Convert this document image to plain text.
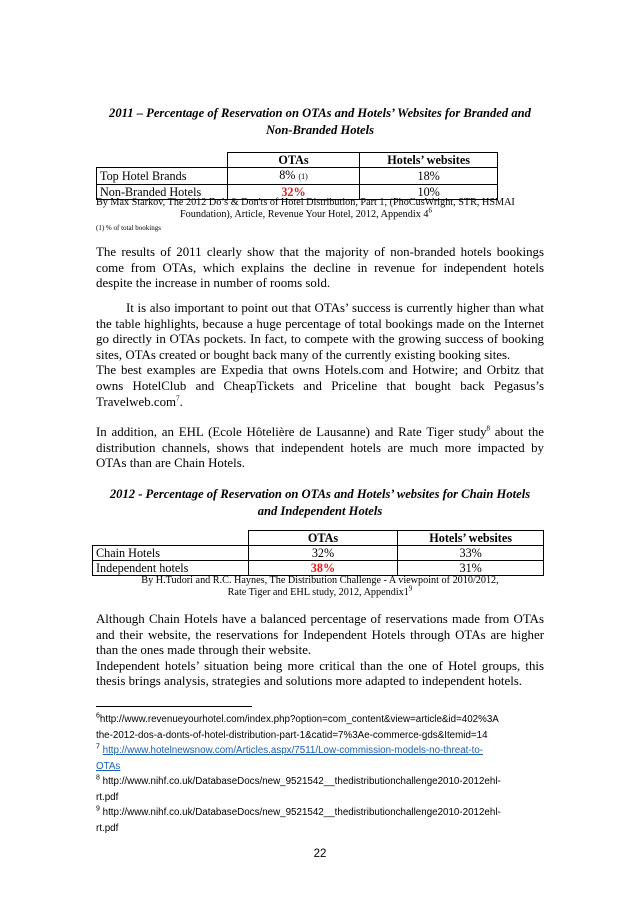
2011 – Percentage of Reservation on OTAs and Hotels’ Websites for Branded and
Non-Branded Hotels
	OTAs	Hotels’ websites
Top Hotel Brands	8% (1)	18%
Non-Branded Hotels	32%	10%
By Max Starkov, The 2012 Do’s & Don'ts of Hotel Distribution, Part 1, (PhoCusWright, STR, HSMAI
Foundation), Article, Revenue Your Hotel, 2012, Appendix $4^6$
(1) % of total bookings

The results of 2011 clearly show that the majority of non-branded hotels bookings
come from OTAs, which explains the decline in revenue for independent hotels
despite the increase in number of rooms sold.

It is also important to point out that OTAs’ success is currently higher than what
the table highlights, because a huge percentage of total bookings made on the Internet
go directly in OTAs pockets. In fact, to compete with the growing success of booking
sites, OTAs created or bought back many of the currently existing booking sites.
The best examples are Expedia that owns Hotels.com and Hotwire; and Orbitz that
owns HotelClub and CheapTickets and Priceline that bought back Pegasus’s
Travelweb.com$^7$.

In addition, an EHL (Ecole Hôtelière de Lausanne) and Rate Tiger study$^8$ about the
distribution channels, shows that independent hotels are much more impacted by
OTAs than are Chain Hotels.

2012 - Percentage of Reservation on OTAs and Hotels’ websites for Chain Hotels
and Independent Hotels
	OTAs	Hotels’ websites
Chain Hotels	32%	33%
Independent hotels	38%	31%
By H.Tudori and R.C. Haynes, The Distribution Challenge - A viewpoint of 2010/2012,
Rate Tiger and EHL study, 2012, $Appendix1^9$

Although Chain Hotels have a balanced percentage of reservations made from OTAs
and their website, the reservations for Independent Hotels through OTAs are higher
than the ones made through their website.
Independent hotels’ situation being more critical than the one of Hotel groups, this
thesis brings analysis, strategies and solutions more adapted to independent hotels.

$^6$http://www.revenueyourhotel.com/index.php?option=com_content&view=article&id=402%3A
the-2012-dos-a-donts-of-hotel-distribution-part-1&catid=7%3Ae-commerce-gds&Itemid=14
$^7$ http://www.hotelnewsnow.com/Articles.aspx/7511/Low-commission-models-no-threat-to-
OTAs
$^8$ http://www.nihf.co.uk/DatabaseDocs/new_9521542__thedistributionchallenge2010-2012ehl-
rt.pdf
$^9$ http://www.nihf.co.uk/DatabaseDocs/new_9521542__thedistributionchallenge2010-2012ehl-
rt.pdf
22
